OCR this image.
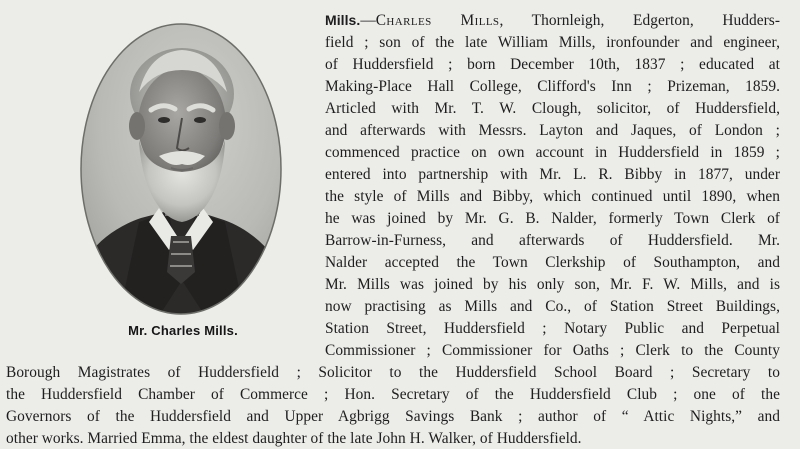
Mr. Charles Mills.
Mills.—Charles Mills, Thornleigh, Edgerton, Hudders-
field ; son of the late William Mills, ironfounder and engineer,
of Huddersfield ; born December 10th, 1837 ; educated at
Making-Place Hall College, Clifford's Inn ; Prizeman, 1859.
Articled with Mr. T. W. Clough, solicitor, of Huddersfield,
and afterwards with Messrs. Layton and Jaques, of London ;
commenced practice on own account in Huddersfield in 1859 ;
entered into partnership with Mr. L. R. Bibby in 1877, under
the style of Mills and Bibby, which continued until 1890, when
he was joined by Mr. G. B. Nalder, formerly Town Clerk of
Barrow-in-Furness, and afterwards of Huddersfield. Mr.
Nalder accepted the Town Clerkship of Southampton, and
Mr. Mills was joined by his only son, Mr. F. W. Mills, and is
now practising as Mills and Co., of Station Street Buildings,
Station Street, Huddersfield ; Notary Public and Perpetual
Commissioner ; Commissioner for Oaths ; Clerk to the County
Borough Magistrates of Huddersfield ; Solicitor to the Huddersfield School Board ; Secretary to
the Huddersfield Chamber of Commerce ; Hon. Secretary of the Huddersfield Club ; one of the
Governors of the Huddersfield and Upper Agbrigg Savings Bank ; author of “ Attic Nights,” and
other works. Married Emma, the eldest daughter of the late John H. Walker, of Huddersfield.
